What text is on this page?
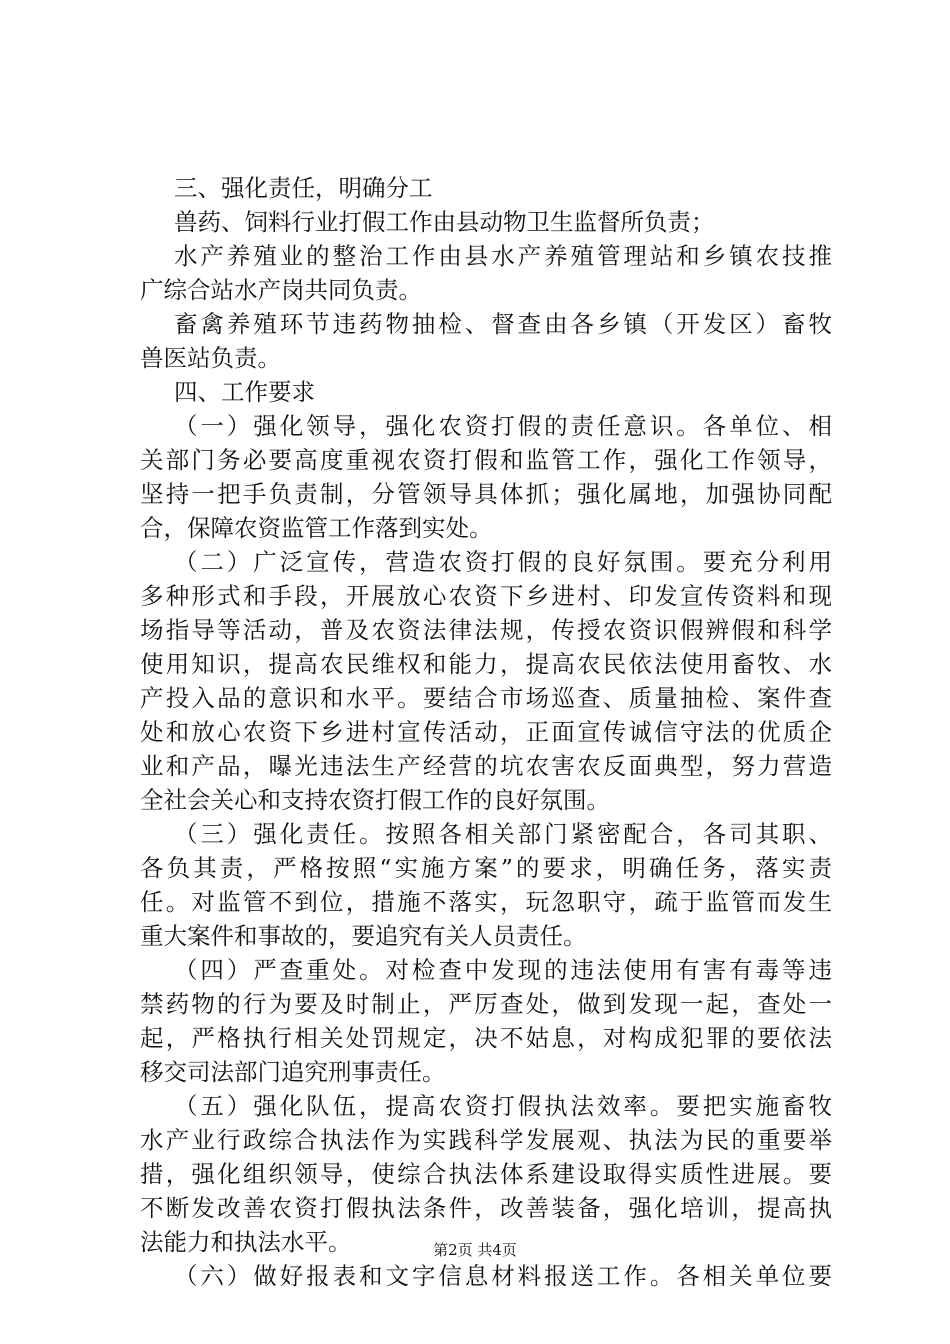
三、强化责任，明确分工
兽药、饲料行业打假工作由县动物卫生监督所负责；
水产养殖业的整治工作由县水产养殖管理站和乡镇农技推
广综合站水产岗共同负责。
畜禽养殖环节违药物抽检、督查由各乡镇（开发区）畜牧
兽医站负责。
四、工作要求
（一）强化领导，强化农资打假的责任意识。各单位、相
关部门务必要高度重视农资打假和监管工作，强化工作领导，
坚持一把手负责制，分管领导具体抓；强化属地，加强协同配
合，保障农资监管工作落到实处。
（二）广泛宣传，营造农资打假的良好氛围。要充分利用
多种形式和手段，开展放心农资下乡进村、印发宣传资料和现
场指导等活动，普及农资法律法规，传授农资识假辨假和科学
使用知识，提高农民维权和能力，提高农民依法使用畜牧、水
产投入品的意识和水平。要结合市场巡查、质量抽检、案件查
处和放心农资下乡进村宣传活动，正面宣传诚信守法的优质企
业和产品，曝光违法生产经营的坑农害农反面典型，努力营造
全社会关心和支持农资打假工作的良好氛围。
（三）强化责任。按照各相关部门紧密配合，各司其职、
各负其责，严格按照“实施方案”的要求，明确任务，落实责
任。对监管不到位，措施不落实，玩忽职守，疏于监管而发生
重大案件和事故的，要追究有关人员责任。
（四）严查重处。对检查中发现的违法使用有害有毒等违
禁药物的行为要及时制止，严厉查处，做到发现一起，查处一
起，严格执行相关处罚规定，决不姑息，对构成犯罪的要依法
移交司法部门追究刑事责任。
（五）强化队伍，提高农资打假执法效率。要把实施畜牧
水产业行政综合执法作为实践科学发展观、执法为民的重要举
措，强化组织领导，使综合执法体系建设取得实质性进展。要
不断发改善农资打假执法条件，改善装备，强化培训，提高执
法能力和执法水平。
（六）做好报表和文字信息材料报送工作。各相关单位要
第2页 共4页
